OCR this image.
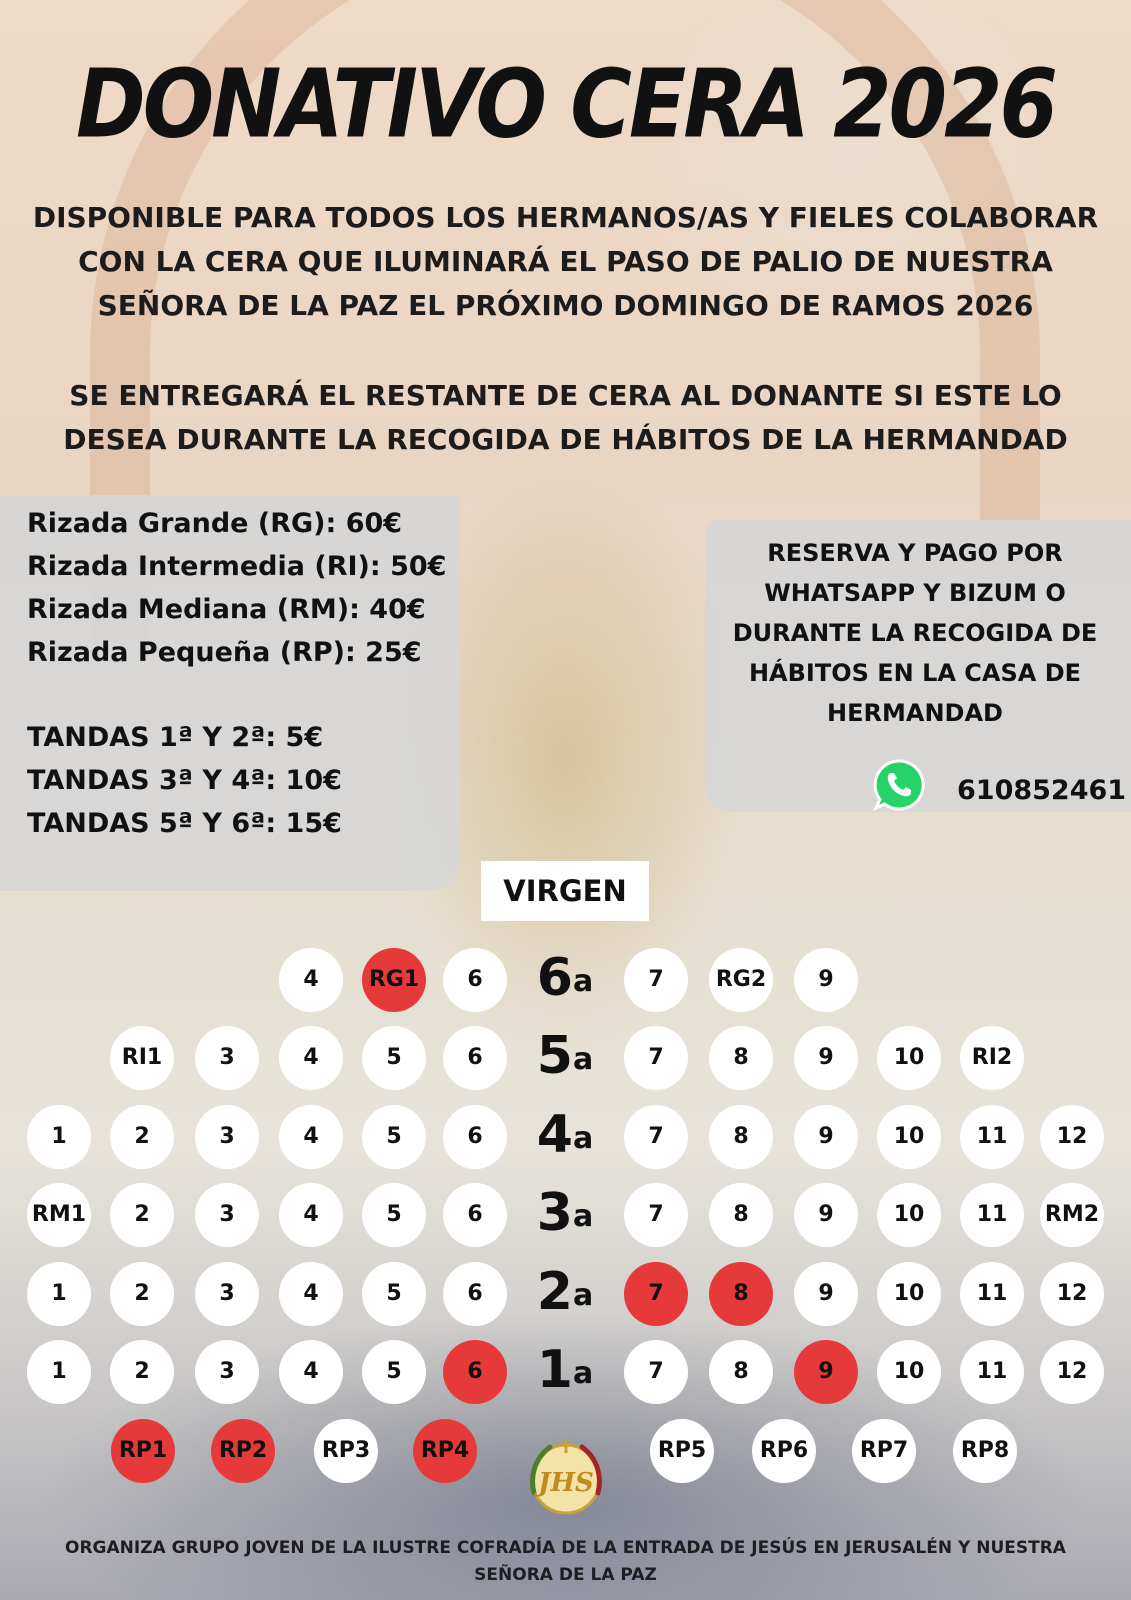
DONATIVO CERA 2026
DISPONIBLE PARA TODOS LOS HERMANOS/AS Y FIELES COLABORAR
CON LA CERA QUE ILUMINARÁ EL PASO DE PALIO DE NUESTRA
SEÑORA DE LA PAZ EL PRÓXIMO DOMINGO DE RAMOS 2026
SE ENTREGARÁ EL RESTANTE DE CERA AL DONANTE SI ESTE LO
DESEA DURANTE LA RECOGIDA DE HÁBITOS DE LA HERMANDAD
Rizada Grande (RG): 60€
Rizada Intermedia (RI): 50€
Rizada Mediana (RM): 40€
Rizada Pequeña (RP): 25€
TANDAS 1ª Y 2ª: 5€
TANDAS 3ª Y 4ª: 10€
TANDAS 5ª Y 6ª: 15€
RESERVA Y PAGO POR
WHATSAPP Y BIZUM O
DURANTE LA RECOGIDA DE
HÁBITOS EN LA CASA DE
HERMANDAD
610852461
VIRGEN
4	RG1	6	7	RG2	9
6$^a$
RI1	3	4	5	6	7	8	9	10	RI2
5$^a$
1	2	3	4	5	6	7	8	9	10	11	12
4$^a$
RM1	2	3	4	5	6	7	8	9	10	11	RM2
3$^a$
1	2	3	4	5	6	7	8	9	10	11	12
2$^a$
1	2	3	4	5	6	7	8	9	10	11	12
1$^a$
RP1	RP2	RP3	RP4	RP5	RP6	RP7	RP8
JHS
ORGANIZA GRUPO JOVEN DE LA ILUSTRE COFRADÍA DE LA ENTRADA DE JESÚS EN JERUSALÉN Y NUESTRA
SEÑORA DE LA PAZ
